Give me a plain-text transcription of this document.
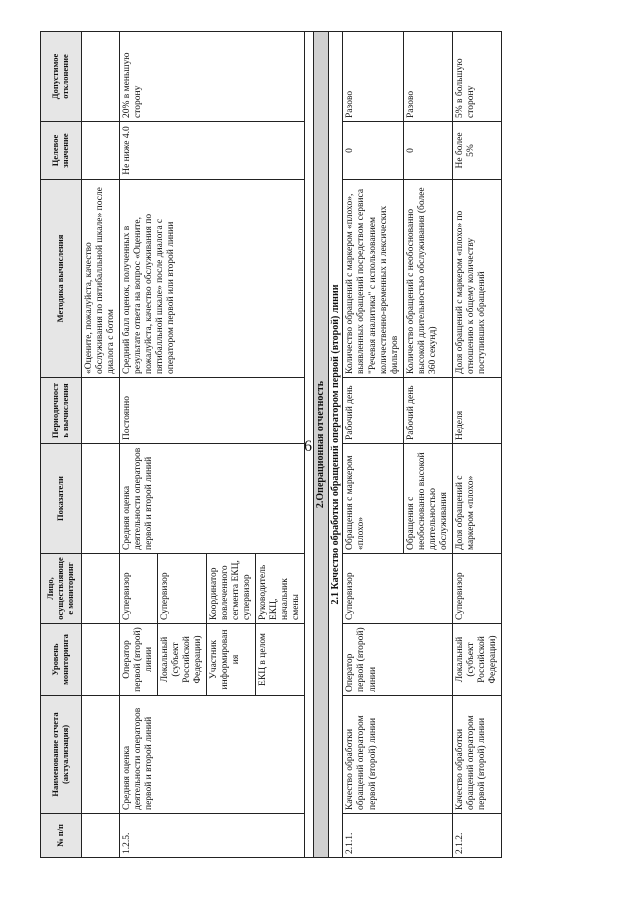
6
№ п/п	Наименование отчета (актуализация)	Уровень мониторинга	Лицо, осуществляющее мониторинг	Показатели	Периодичность вычисления	Методика вычисления	Целевое значение	Допустимое отклонение
						«Оцените, пожалуйста, качество обслуживания по пятибалльной шкале» после диалога с ботом		
1.2.5.	Средняя оценка деятельности операторов первой и второй линий	Оператор первой (второй) линии	Супервизор	Средняя оценка деятельности операторов первой и второй линий	Постоянно	Средний балл оценок, полученных в результате ответа на вопрос «Оцените, пожалуйста, качество обслуживания по пятибалльной шкале» после диалога с оператором первой или второй линии	Не ниже 4.0	20% в меньшую сторону
		Локальный (субъект Российской Федерации)	Супервизор					
		Участник информирования	Координатор вовлеченного сегмента ЕКЦ, супервизор					
		ЕКЦ в целом	Руководитель ЕКЦ, начальник смены					

2.Операционная отчетность								
2.1 Качество обработки обращений оператором первой (второй) линии								
2.1.1.	Качество обработки обращений оператором первой (второй) линии	Оператор первой (второй) линии	Супервизор	Обращения с маркером «плохо»	Рабочий день	Количество обращений с маркером «плохо», выявленных обращений посредством сервиса "Речевая аналитика" с использованием количественно-временных и лексических фильтров	0	Разово
				Обращения с необоснованно высокой длительностью обслуживания	Рабочий день	Количество обращений с необоснованно высокой длительностью обслуживания (более 360 секунд)	0	Разово
2.1.2.	Качество обработки обращений оператором первой (второй) линии	Локальный (субъект Российской Федерации)	Супервизор	Доля обращений с маркером «плохо»	Неделя	Доля обращений с маркером «плохо» по отношению к общему количеству поступивших обращений	Не более 5%	5% в большую сторону
